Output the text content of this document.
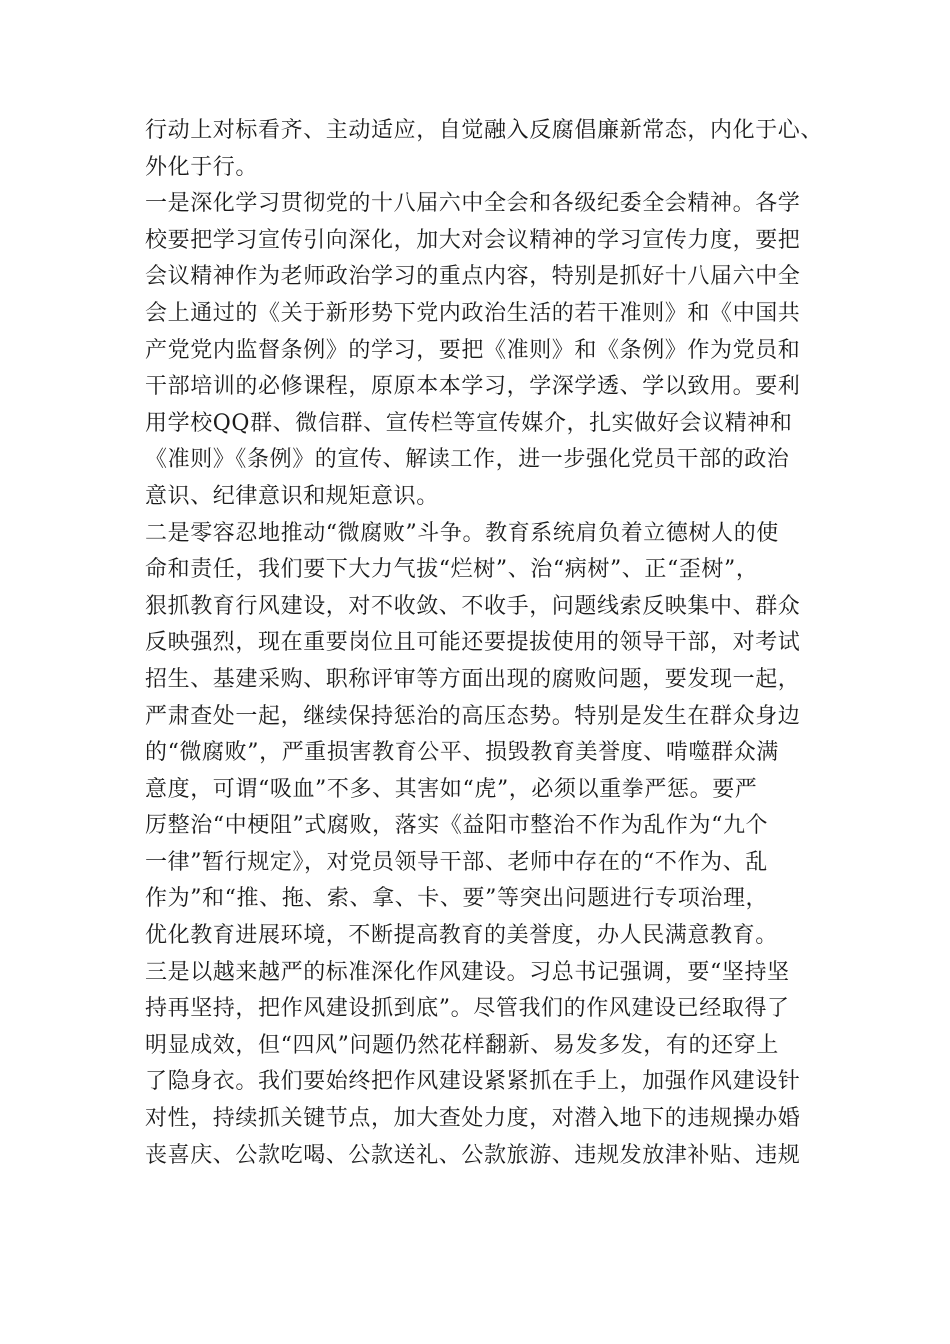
行动上对标看齐、主动适应，自觉融入反腐倡廉新常态，内化于心、
外化于行。
一是深化学习贯彻党的十八届六中全会和各级纪委全会精神。各学
校要把学习宣传引向深化，加大对会议精神的学习宣传力度，要把
会议精神作为老师政治学习的重点内容，特别是抓好十八届六中全
会上通过的《关于新形势下党内政治生活的若干准则》和《中国共
产党党内监督条例》的学习，要把《准则》和《条例》作为党员和
干部培训的必修课程，原原本本学习，学深学透、学以致用。要利
用学校QQ群、微信群、宣传栏等宣传媒介，扎实做好会议精神和
《准则》《条例》的宣传、解读工作，进一步强化党员干部的政治
意识、纪律意识和规矩意识。
二是零容忍地推动“微腐败”斗争。教育系统肩负着立德树人的使
命和责任，我们要下大力气拔“烂树”、治“病树”、正“歪树”，
狠抓教育行风建设，对不收敛、不收手，问题线索反映集中、群众
反映强烈，现在重要岗位且可能还要提拔使用的领导干部，对考试
招生、基建采购、职称评审等方面出现的腐败问题，要发现一起，
严肃查处一起，继续保持惩治的高压态势。特别是发生在群众身边
的“微腐败”，严重损害教育公平、损毁教育美誉度、啃噬群众满
意度，可谓“吸血”不多、其害如“虎”，必须以重拳严惩。要严
厉整治“中梗阻”式腐败，落实《益阳市整治不作为乱作为“九个
一律”暂行规定》，对党员领导干部、老师中存在的“不作为、乱
作为”和“推、拖、索、拿、卡、要”等突出问题进行专项治理，
优化教育进展环境，不断提高教育的美誉度，办人民满意教育。
三是以越来越严的标准深化作风建设。习总书记强调，要“坚持坚
持再坚持，把作风建设抓到底”。尽管我们的作风建设已经取得了
明显成效，但“四风”问题仍然花样翻新、易发多发，有的还穿上
了隐身衣。我们要始终把作风建设紧紧抓在手上，加强作风建设针
对性，持续抓关键节点，加大查处力度，对潜入地下的违规操办婚
丧喜庆、公款吃喝、公款送礼、公款旅游、违规发放津补贴、违规
